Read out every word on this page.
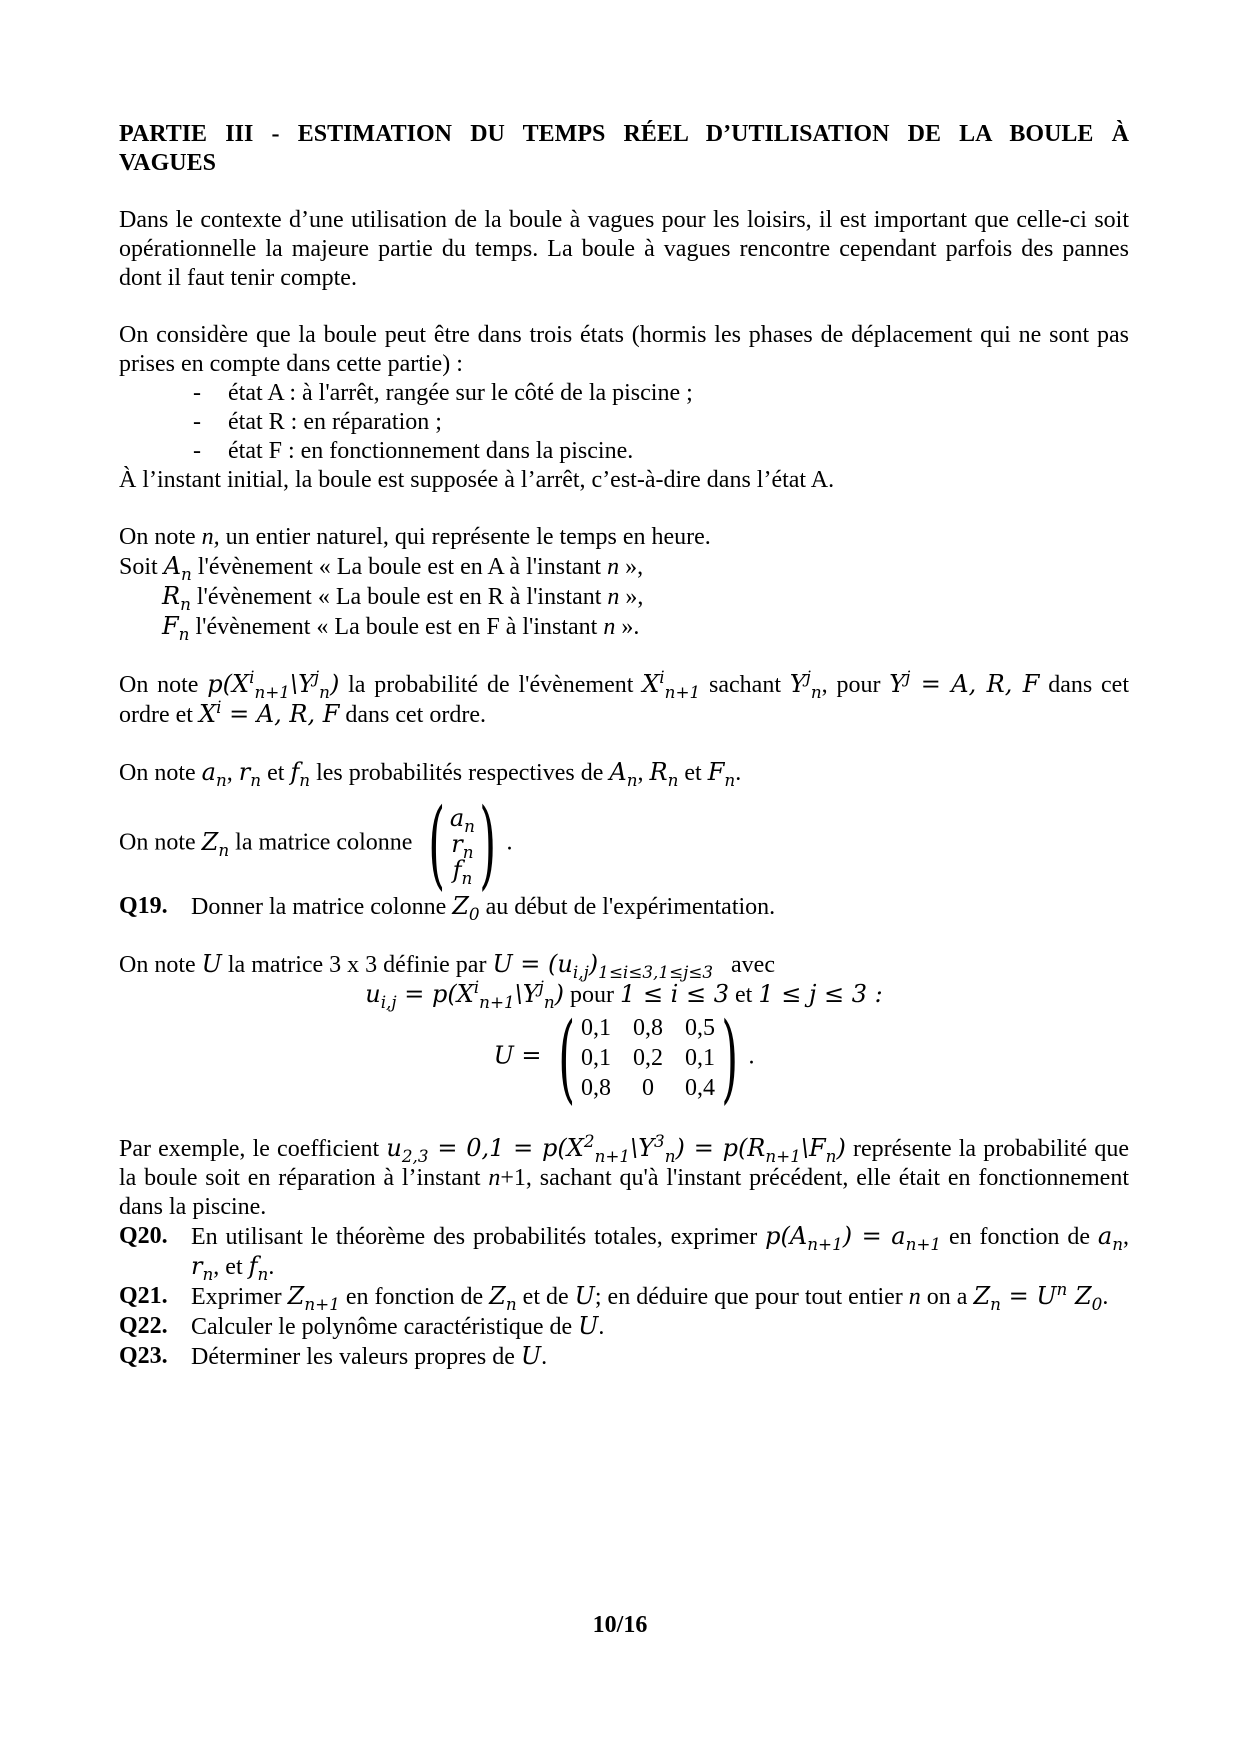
PARTIE III - ESTIMATION DU TEMPS RÉEL D’UTILISATION DE LA BOULE À VAGUES

Dans le contexte d’une utilisation de la boule à vagues pour les loisirs, il est important que celle-ci soit opérationnelle la majeure partie du temps. La boule à vagues rencontre cependant parfois des pannes dont il faut tenir compte.

On considère que la boule peut être dans trois états (hormis les phases de déplacement qui ne sont pas prises en compte dans cette partie) :

- état A : à l'arrêt, rangée sur le côté de la piscine ;
- état R : en réparation ;
- état F : en fonctionnement dans la piscine.

À l’instant initial, la boule est supposée à l’arrêt, c’est-à-dire dans l’état A.

On note n, un entier naturel, qui représente le temps en heure.

Soit $A_n$ l'évènement « La boule est en A à l'instant n »,

$R_n$ l'évènement « La boule est en R à l'instant n »,

$F_n$ l'évènement « La boule est en F à l'instant n ».

On note $p(X^i_{n+1}\backslash Y^j_n)$ la probabilité de l'évènement $X^i_{n+1}$ sachant $Y^j_n$, pour $Y^j = A$, R, F dans cet ordre et $X^i = A$, R, F dans cet ordre.

On note $a_n$, $r_n$ et $f_n$ les probabilités respectives de $A_n$, $R_n$ et $F_n$.

On note $Z_n$ la matrice colonne ( $a_n$
$r_n$
$f_n$ ) .

Q19. Donner la matrice colonne $Z_0$ au début de l'expérimentation.

On note U la matrice 3 x 3 définie par $U = (u_{i,j})_{1\le i\le 3,1\le j\le 3}$ avec

$u_{i,j}$ = $p(X^i_{n+1}\backslash Y^j_n)$ pour 1 ≤ i ≤ 3 et 1 ≤ j ≤ 3 :

U = ( 0,1 0,8 0,5
0,1 0,2 0,1
0,8	0	0,4 ) .

Par exemple, le coefficient $u_{2,3} = 0,1$ = $p(X^2_{n+1}\backslash Y^3_n)$ = $p(R_{n+1}\backslash F_n)$ représente la probabilité que la boule soit en réparation à l’instant n+1, sachant qu'à l'instant précédent, elle était en fonctionnement dans la piscine.

Q20. En utilisant le théorème des probabilités totales, exprimer $p(A_{n+1}) = a_{n+1}$ en fonction de $a_n$, $r_n$, et $f_n$.
Q21. Exprimer $Z_{n+1}$ en fonction de $Z_n$ et de U; en déduire que pour tout entier n on a $Z_n = U^n$ $Z_0$.
Q22. Calculer le polynôme caractéristique de U.
Q23. Déterminer les valeurs propres de U.
10/16
